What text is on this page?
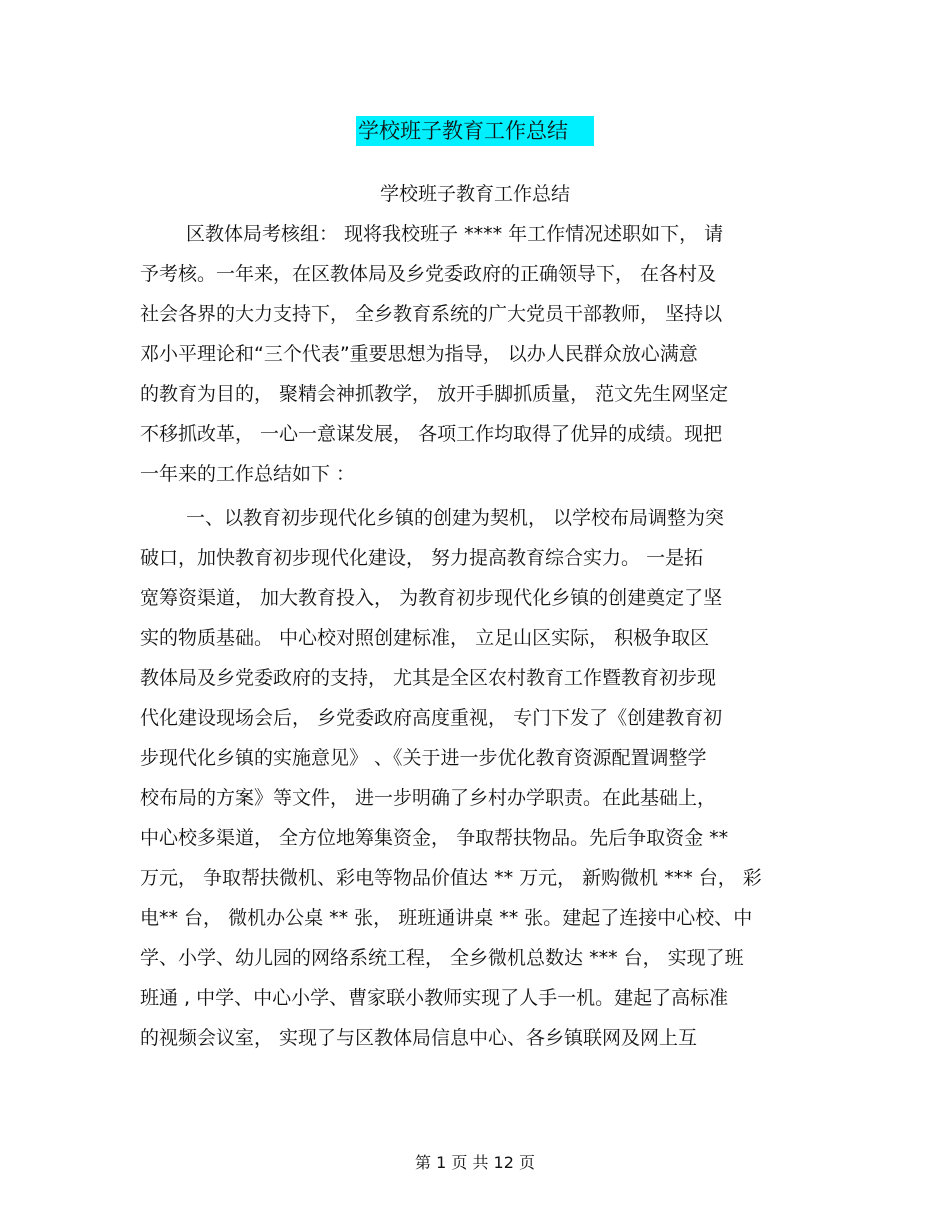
学校班子教育工作总结
学校班子教育工作总结
区教体局考核组： 现将我校班子 **** 年工作情况述职如下， 请
予考核。一年来，在区教体局及乡党委政府的正确领导下， 在各村及
社会各界的大力支持下， 全乡教育系统的广大党员干部教师， 坚持以
邓小平理论和“三个代表”重要思想为指导， 以办人民群众放心满意
的教育为目的， 聚精会神抓教学， 放开手脚抓质量， 范文先生网坚定
不移抓改革， 一心一意谋发展， 各项工作均取得了优异的成绩。现把
一年来的工作总结如下 ：
一、以教育初步现代化乡镇的创建为契机， 以学校布局调整为突
破口，加快教育初步现代化建设， 努力提高教育综合实力。 一是拓
宽筹资渠道， 加大教育投入， 为教育初步现代化乡镇的创建奠定了坚
实的物质基础。 中心校对照创建标准， 立足山区实际， 积极争取区
教体局及乡党委政府的支持， 尤其是全区农村教育工作暨教育初步现
代化建设现场会后， 乡党委政府高度重视， 专门下发了《创建教育初
步现代化乡镇的实施意见》 、《关于进一步优化教育资源配置调整学
校布局的方案》等文件， 进一步明确了乡村办学职责。在此基础上，
中心校多渠道， 全方位地筹集资金， 争取帮扶物品。先后争取资金 **
万元， 争取帮扶微机、彩电等物品价值达 ** 万元， 新购微机 *** 台， 彩
电** 台， 微机办公桌 ** 张， 班班通讲桌 ** 张。建起了连接中心校、中
学、小学、幼儿园的网络系统工程， 全乡微机总数达 *** 台， 实现了班
班通 , 中学、中心小学、曹家联小教师实现了人手一机。建起了高标准
的视频会议室， 实现了与区教体局信息中心、各乡镇联网及网上互
第 1 页 共 12 页
